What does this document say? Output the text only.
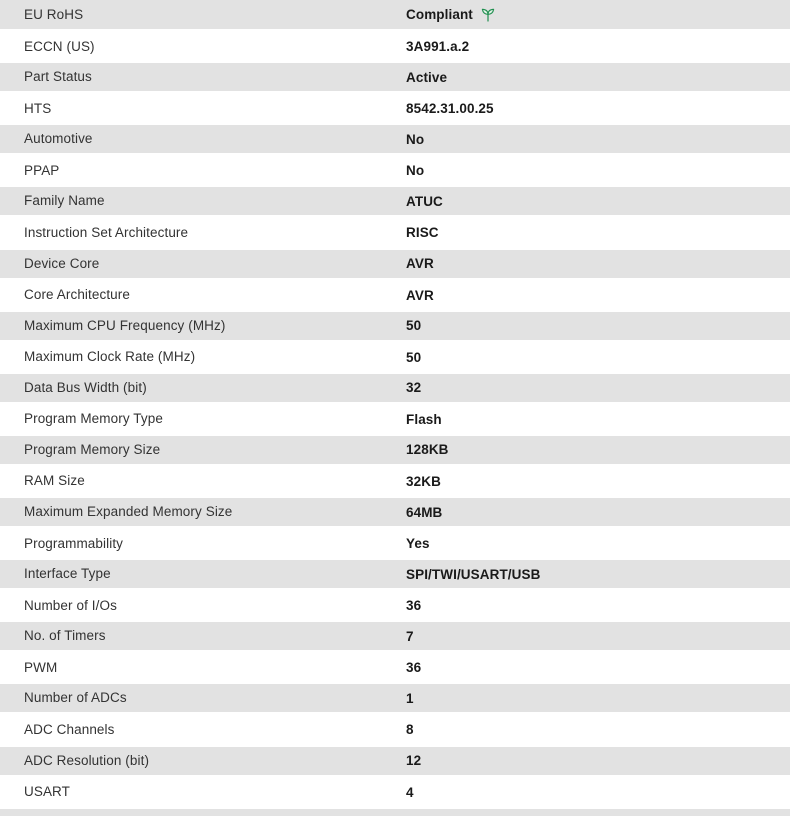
EU RoHS	Compliant
ECCN (US)	3A991.a.2
Part Status	Active
HTS	8542.31.00.25
Automotive	No
PPAP	No
Family Name	ATUC
Instruction Set Architecture	RISC
Device Core	AVR
Core Architecture	AVR
Maximum CPU Frequency (MHz)	50
Maximum Clock Rate (MHz)	50
Data Bus Width (bit)	32
Program Memory Type	Flash
Program Memory Size	128KB
RAM Size	32KB
Maximum Expanded Memory Size	64MB
Programmability	Yes
Interface Type	SPI/TWI/USART/USB
Number of I/Os	36
No. of Timers	7
PWM	36
Number of ADCs	1
ADC Channels	8
ADC Resolution (bit)	12
USART	4
